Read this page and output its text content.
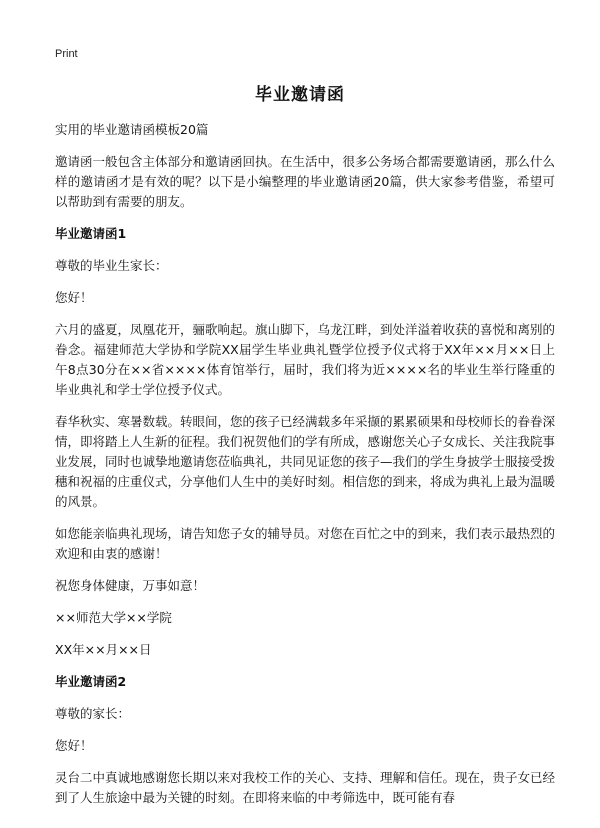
Print
毕业邀请函
实用的毕业邀请函模板20篇
邀请函一般包含主体部分和邀请函回执。在生活中，很多公务场合都需要邀请函，那么什么样的邀请函才是有效的呢？以下是小编整理的毕业邀请函20篇，供大家参考借鉴，希望可以帮助到有需要的朋友。
毕业邀请函1
尊敬的毕业生家长：
您好！
六月的盛夏，凤凰花开，骊歌响起。旗山脚下，乌龙江畔，到处洋溢着收获的喜悦和离别的眷念。福建师范大学协和学院XX届学生毕业典礼暨学位授予仪式将于XX年××月××日上午8点30分在××省××××体育馆举行，届时，我们将为近××××名的毕业生举行隆重的毕业典礼和学士学位授予仪式。
春华秋实、寒暑数载。转眼间，您的孩子已经满载多年采撷的累累硕果和母校师长的眷眷深情，即将踏上人生新的征程。我们祝贺他们的学有所成，感谢您关心子女成长、关注我院事业发展，同时也诚挚地邀请您莅临典礼，共同见证您的孩子—我们的学生身披学士服接受拨穗和祝福的庄重仪式，分享他们人生中的美好时刻。相信您的到来，将成为典礼上最为温暖的风景。
如您能亲临典礼现场，请告知您子女的辅导员。对您在百忙之中的到来，我们表示最热烈的欢迎和由衷的感谢！
祝您身体健康，万事如意！
××师范大学××学院
XX年××月××日
毕业邀请函2
尊敬的家长：
您好！
灵台二中真诚地感谢您长期以来对我校工作的关心、支持、理解和信任。现在，贵子女已经到了人生旅途中最为关键的时刻。在即将来临的中考筛选中，既可能有春
